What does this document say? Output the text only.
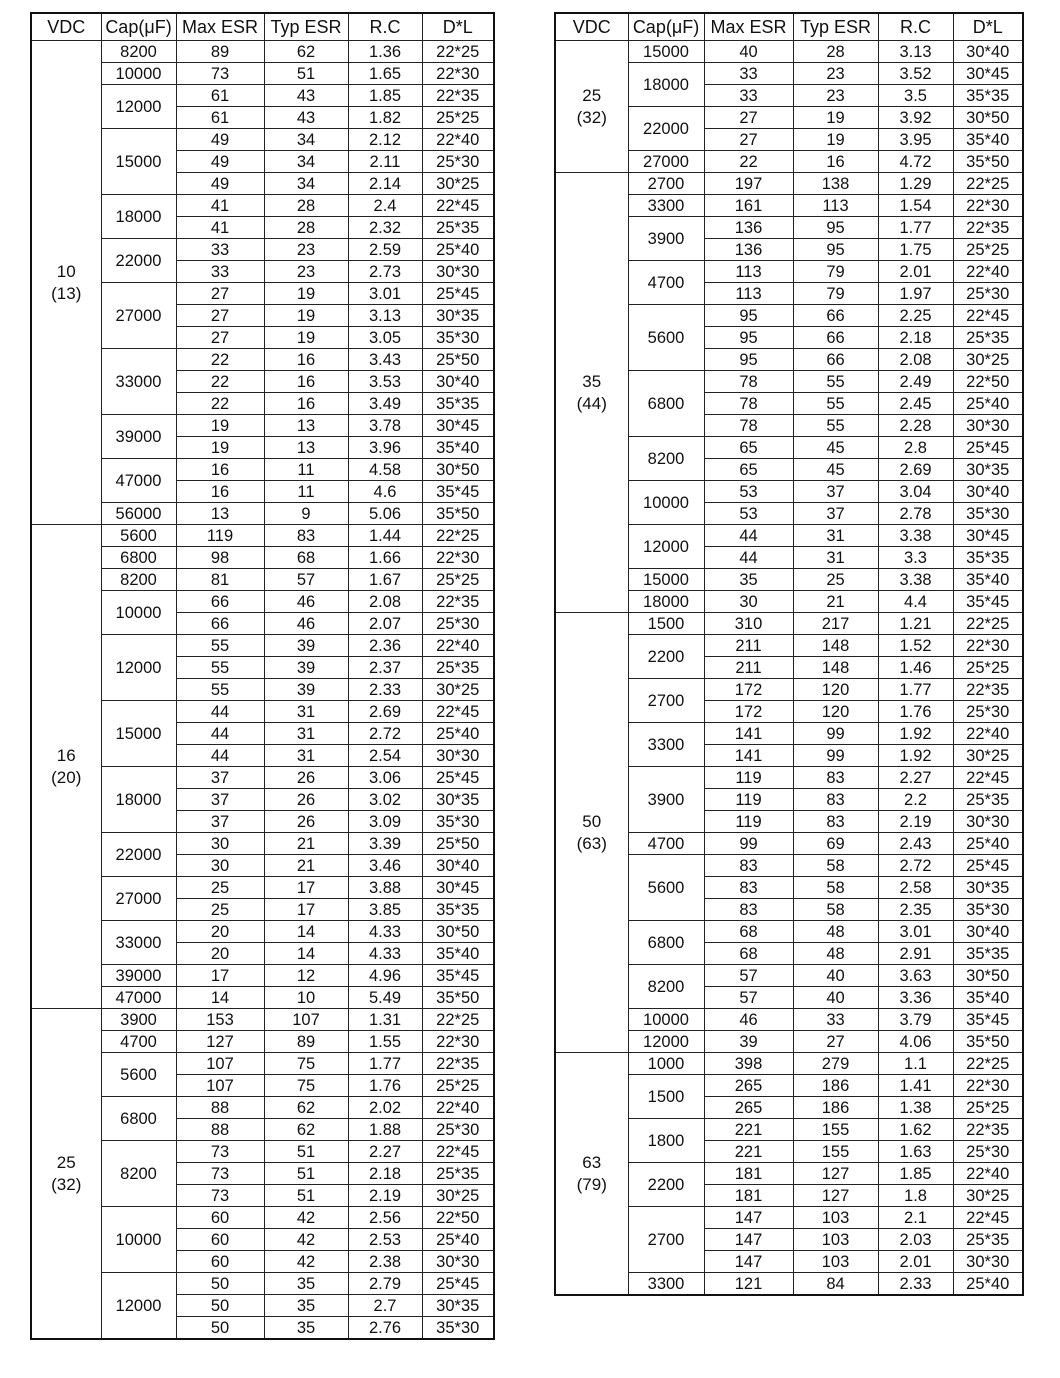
VDC	Cap(μF)	Max ESR	Typ ESR	R.C	D*L
10
(13)	8200	89	62	1.36	22*25
	10000	73	51	1.65	22*30
	12000	61	43	1.85	22*35
		61	43	1.82	25*25
	15000	49	34	2.12	22*40
		49	34	2.11	25*30
		49	34	2.14	30*25
	18000	41	28	2.4	22*45
		41	28	2.32	25*35
	22000	33	23	2.59	25*40
		33	23	2.73	30*30
	27000	27	19	3.01	25*45
		27	19	3.13	30*35
		27	19	3.05	35*30
	33000	22	16	3.43	25*50
		22	16	3.53	30*40
		22	16	3.49	35*35
	39000	19	13	3.78	30*45
		19	13	3.96	35*40
	47000	16	11	4.58	30*50
		16	11	4.6	35*45
	56000	13	9	5.06	35*50
16
(20)	5600	119	83	1.44	22*25
	6800	98	68	1.66	22*30
	8200	81	57	1.67	25*25
	10000	66	46	2.08	22*35
		66	46	2.07	25*30
	12000	55	39	2.36	22*40
		55	39	2.37	25*35
		55	39	2.33	30*25
	15000	44	31	2.69	22*45
		44	31	2.72	25*40
		44	31	2.54	30*30
	18000	37	26	3.06	25*45
		37	26	3.02	30*35
		37	26	3.09	35*30
	22000	30	21	3.39	25*50
		30	21	3.46	30*40
	27000	25	17	3.88	30*45
		25	17	3.85	35*35
	33000	20	14	4.33	30*50
		20	14	4.33	35*40
	39000	17	12	4.96	35*45
	47000	14	10	5.49	35*50
25
(32)	3900	153	107	1.31	22*25
	4700	127	89	1.55	22*30
	5600	107	75	1.77	22*35
		107	75	1.76	25*25
	6800	88	62	2.02	22*40
		88	62	1.88	25*30
	8200	73	51	2.27	22*45
		73	51	2.18	25*35
		73	51	2.19	30*25
	10000	60	42	2.56	22*50
		60	42	2.53	25*40
		60	42	2.38	30*30
	12000	50	35	2.79	25*45
		50	35	2.7	30*35
		50	35	2.76	35*30
VDC	Cap(μF)	Max ESR	Typ ESR	R.C	D*L
25
(32)	15000	40	28	3.13	30*40
	18000	33	23	3.52	30*45
		33	23	3.5	35*35
	22000	27	19	3.92	30*50
		27	19	3.95	35*40
	27000	22	16	4.72	35*50
35
(44)	2700	197	138	1.29	22*25
	3300	161	113	1.54	22*30
	3900	136	95	1.77	22*35
		136	95	1.75	25*25
	4700	113	79	2.01	22*40
		113	79	1.97	25*30
	5600	95	66	2.25	22*45
		95	66	2.18	25*35
		95	66	2.08	30*25
	6800	78	55	2.49	22*50
		78	55	2.45	25*40
		78	55	2.28	30*30
	8200	65	45	2.8	25*45
		65	45	2.69	30*35
	10000	53	37	3.04	30*40
		53	37	2.78	35*30
	12000	44	31	3.38	30*45
		44	31	3.3	35*35
	15000	35	25	3.38	35*40
	18000	30	21	4.4	35*45
50
(63)	1500	310	217	1.21	22*25
	2200	211	148	1.52	22*30
		211	148	1.46	25*25
	2700	172	120	1.77	22*35
		172	120	1.76	25*30
	3300	141	99	1.92	22*40
		141	99	1.92	30*25
	3900	119	83	2.27	22*45
		119	83	2.2	25*35
		119	83	2.19	30*30
	4700	99	69	2.43	25*40
	5600	83	58	2.72	25*45
		83	58	2.58	30*35
		83	58	2.35	35*30
	6800	68	48	3.01	30*40
		68	48	2.91	35*35
	8200	57	40	3.63	30*50
		57	40	3.36	35*40
	10000	46	33	3.79	35*45
	12000	39	27	4.06	35*50
63
(79)	1000	398	279	1.1	22*25
	1500	265	186	1.41	22*30
		265	186	1.38	25*25
	1800	221	155	1.62	22*35
		221	155	1.63	25*30
	2200	181	127	1.85	22*40
		181	127	1.8	30*25
	2700	147	103	2.1	22*45
		147	103	2.03	25*35
		147	103	2.01	30*30
	3300	121	84	2.33	25*40
